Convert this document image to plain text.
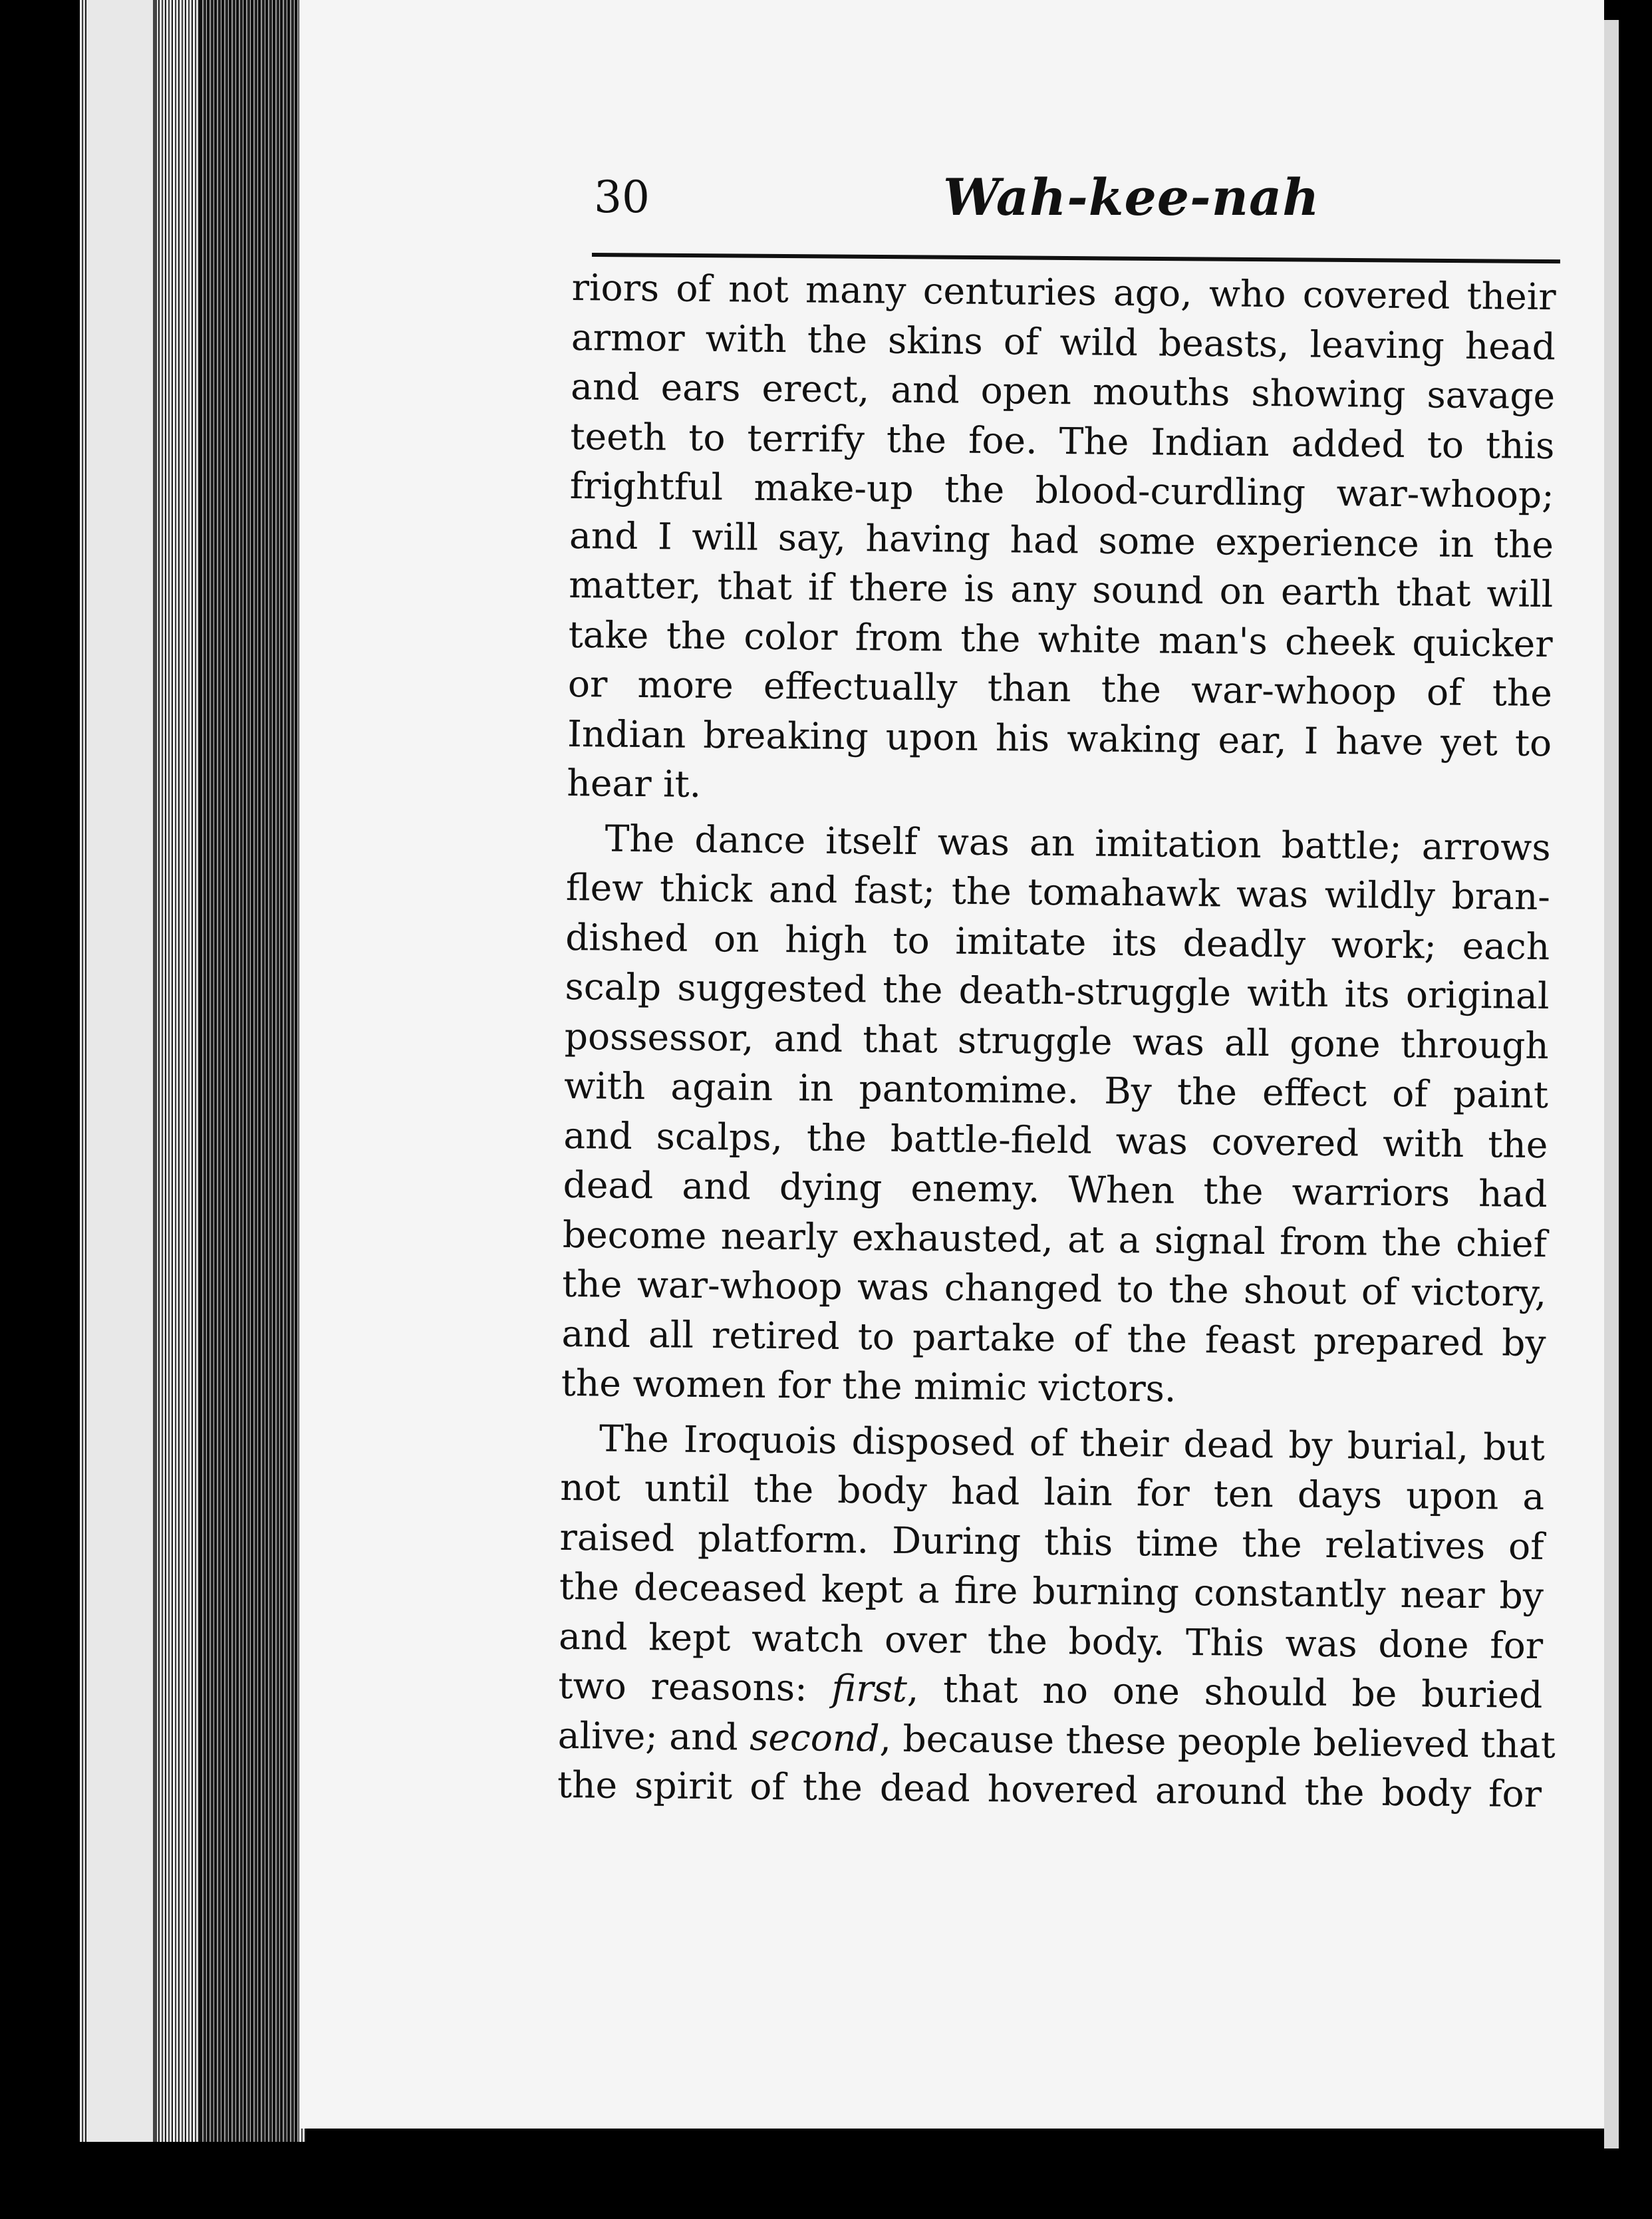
30	Wah-kee-nah
riors of not many centuries ago, who covered their
armor with the skins of wild beasts, leaving head
and ears erect, and open mouths showing savage
teeth to terrify the foe. The Indian added to this
frightful make-up the blood-curdling war-whoop;
and I will say, having had some experience in the
matter, that if there is any sound on earth that will
take the color from the white man's cheek quicker
or more effectually than the war-whoop of the
Indian breaking upon his waking ear, I have yet to
hear it.
The dance itself was an imitation battle; arrows
flew thick and fast; the tomahawk was wildly bran-
dished on high to imitate its deadly work; each
scalp suggested the death-struggle with its original
possessor, and that struggle was all gone through
with again in pantomime. By the effect of paint
and scalps, the battle-field was covered with the
dead and dying enemy. When the warriors had
become nearly exhausted, at a signal from the chief
the war-whoop was changed to the shout of victory,
and all retired to partake of the feast prepared by
the women for the mimic victors.
The Iroquois disposed of their dead by burial, but
not until the body had lain for ten days upon a
raised platform. During this time the relatives of
the deceased kept a fire burning constantly near by
and kept watch over the body. This was done for
two reasons: first, that no one should be buried
alive; and second, because these people believed that
the spirit of the dead hovered around the body for
